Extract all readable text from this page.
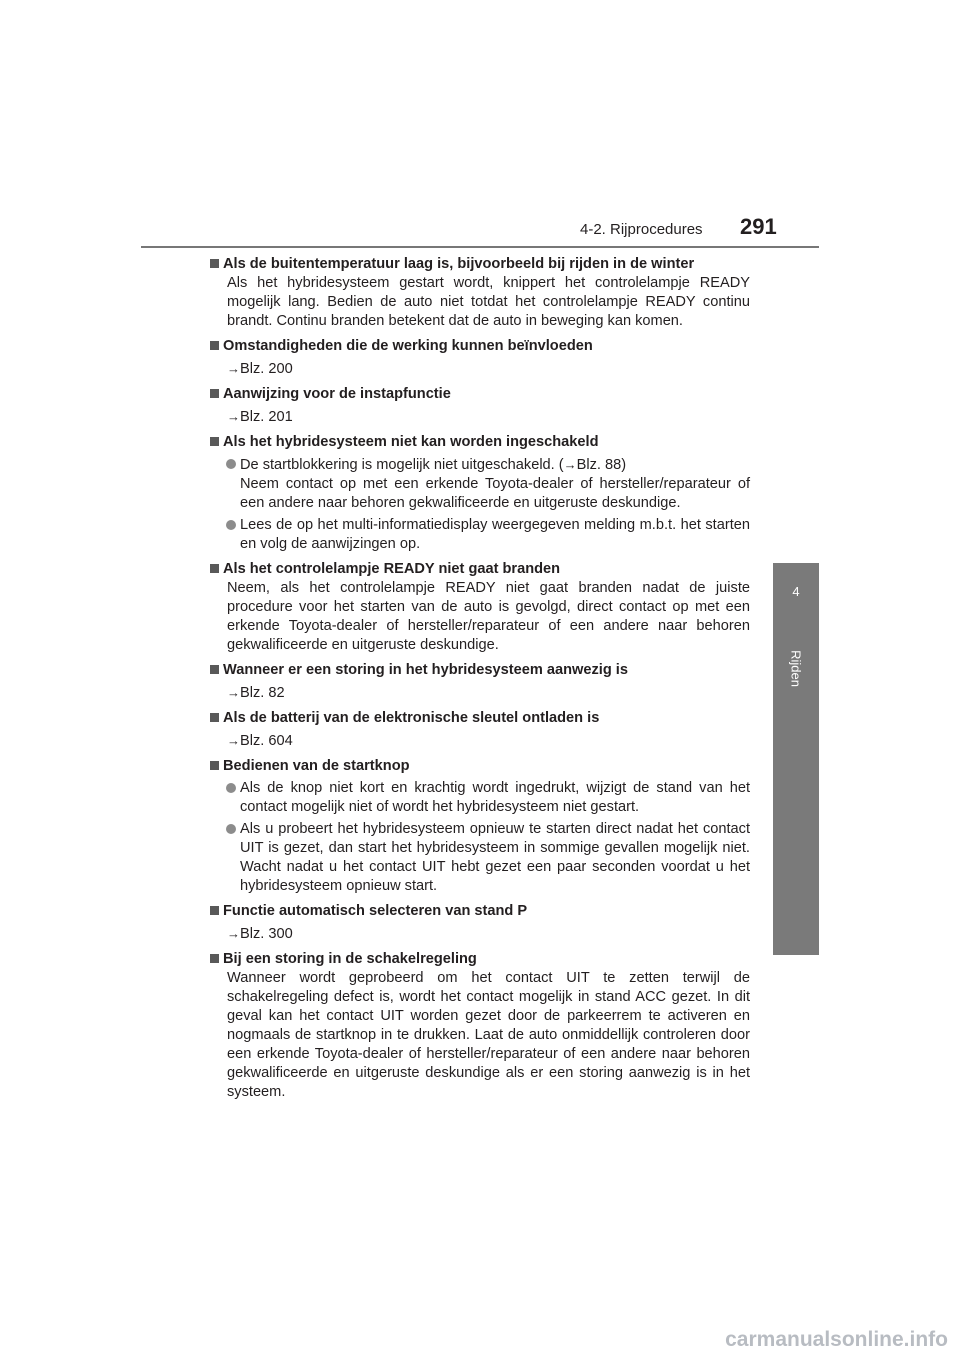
4-2. Rijprocedures 291
4
Rijden
Als de buitentemperatuur laag is, bijvoorbeeld bij rijden in de winter
Als het hybridesysteem gestart wordt, knippert het controlelampje READY mogelijk lang. Bedien de auto niet totdat het controlelampje READY continu brandt. Continu branden betekent dat de auto in beweging kan komen.
Omstandigheden die de werking kunnen beïnvloeden
→Blz. 200
Aanwijzing voor de instapfunctie
→Blz. 201
Als het hybridesysteem niet kan worden ingeschakeld
De startblokkering is mogelijk niet uitgeschakeld. (→Blz. 88)
Neem contact op met een erkende Toyota-dealer of hersteller/reparateur of een andere naar behoren gekwalificeerde en uitgeruste deskundige.
Lees de op het multi-informatiedisplay weergegeven melding m.b.t. het starten en volg de aanwijzingen op.
Als het controlelampje READY niet gaat branden
Neem, als het controlelampje READY niet gaat branden nadat de juiste procedure voor het starten van de auto is gevolgd, direct contact op met een erkende Toyota-dealer of hersteller/reparateur of een andere naar behoren gekwalificeerde en uitgeruste deskundige.
Wanneer er een storing in het hybridesysteem aanwezig is
→Blz. 82
Als de batterij van de elektronische sleutel ontladen is
→Blz. 604
Bedienen van de startknop
Als de knop niet kort en krachtig wordt ingedrukt, wijzigt de stand van het contact mogelijk niet of wordt het hybridesysteem niet gestart.
Als u probeert het hybridesysteem opnieuw te starten direct nadat het contact UIT is gezet, dan start het hybridesysteem in sommige gevallen mogelijk niet. Wacht nadat u het contact UIT hebt gezet een paar seconden voordat u het hybridesysteem opnieuw start.
Functie automatisch selecteren van stand P
→Blz. 300
Bij een storing in de schakelregeling
Wanneer wordt geprobeerd om het contact UIT te zetten terwijl de schakelregeling defect is, wordt het contact mogelijk in stand ACC gezet. In dit geval kan het contact UIT worden gezet door de parkeerrem te activeren en nogmaals de startknop in te drukken. Laat de auto onmiddellijk controleren door een erkende Toyota-dealer of hersteller/reparateur of een andere naar behoren gekwalificeerde en uitgeruste deskundige als er een storing aanwezig is in het systeem.
carmanualsonline.info
